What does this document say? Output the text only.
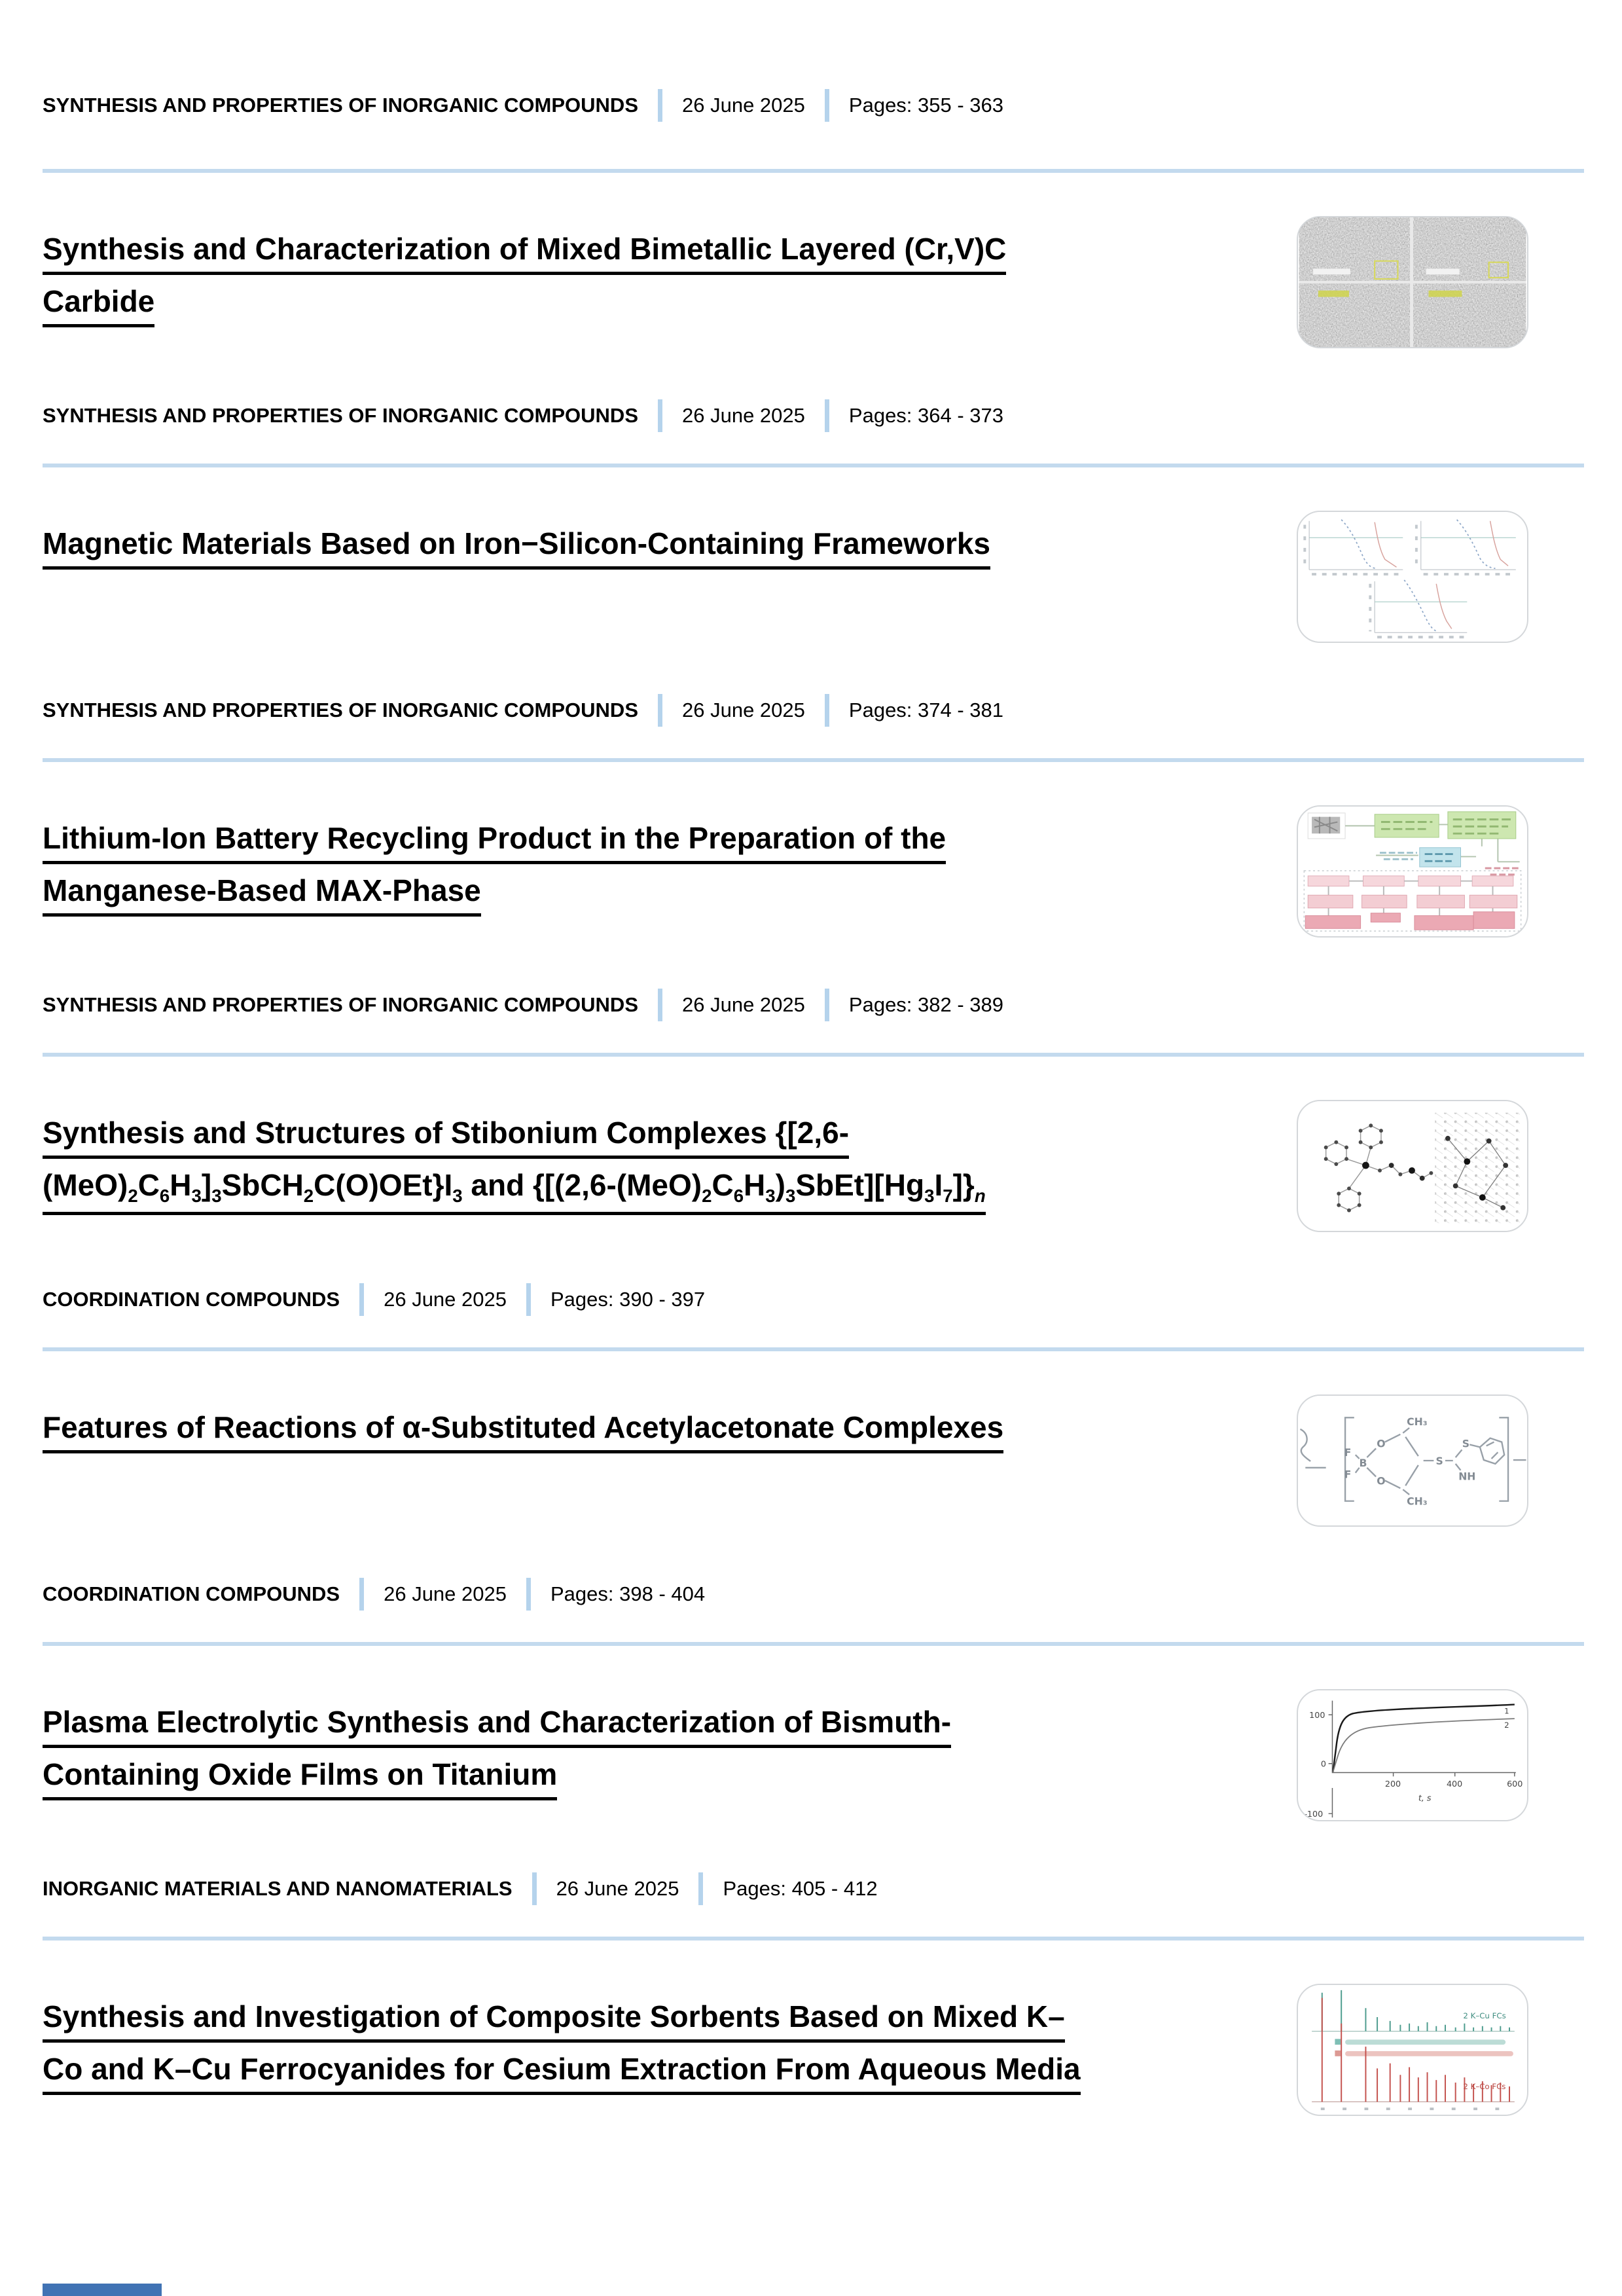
SYNTHESIS AND PROPERTIES OF INORGANIC COMPOUNDS 26 June 2025 Pages: 355 - 363
Synthesis and Characterization of Mixed Bimetallic Layered (Cr,V)C
Carbide
SYNTHESIS AND PROPERTIES OF INORGANIC COMPOUNDS 26 June 2025 Pages: 364 - 373
Magnetic Materials Based on Iron−Silicon-Containing Frameworks
SYNTHESIS AND PROPERTIES OF INORGANIC COMPOUNDS 26 June 2025 Pages: 374 - 381
Lithium-Ion Battery Recycling Product in the Preparation of the
Manganese-Based MAX-Phase
SYNTHESIS AND PROPERTIES OF INORGANIC COMPOUNDS 26 June 2025 Pages: 382 - 389
Synthesis and Structures of Stibonium Complexes {[2,6-
$(MeO)_2C_6H_3]_3SbCH_2C(O)OEt\}I_3$ and $\{[(2,6-(MeO)_2C_6H_3)_3SbEt][Hg_3I_7]\}_n$
COORDINATION COMPOUNDS 26 June 2025 Pages: 390 - 397
Features of Reactions of α-Substituted Acetylacetonate Complexes
F
F
B
O
O
CH₃
CH₃
S
S
NH
COORDINATION COMPOUNDS 26 June 2025 Pages: 398 - 404
Plasma Electrolytic Synthesis and Characterization of Bismuth-
Containing Oxide Films on Titanium
100
0
-100
200	400	600
t, s
1
2
INORGANIC MATERIALS AND NANOMATERIALS 26 June 2025 Pages: 405 - 412
Synthesis and Investigation of Composite Sorbents Based on Mixed K–
Co and K–Cu Ferrocyanides for Cesium Extraction From Aqueous Media
2 K–Cu FCs
2 K–Co FCs
